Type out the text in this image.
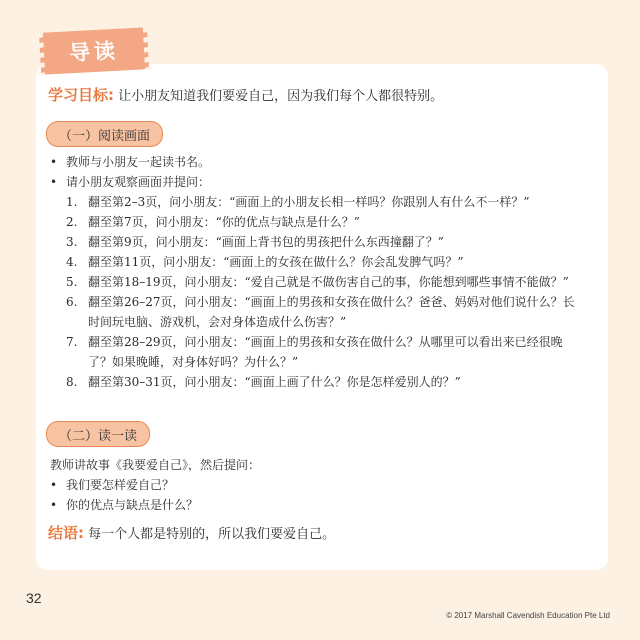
导读
学习目标: 让小朋友知道我们要爱自己，因为我们每个人都很特别。
（一）阅读画面
• 教师与小朋友一起读书名。
• 请小朋友观察画面并提问：
1. 翻至第2–3页，问小朋友：“画面上的小朋友长相一样吗？你跟别人有什么不一样？”
2. 翻至第7页，问小朋友：“你的优点与缺点是什么？”
3. 翻至第9页，问小朋友：“画面上背书包的男孩把什么东西撞翻了？”
4. 翻至第11页，问小朋友：“画面上的女孩在做什么？你会乱发脾气吗？”
5. 翻至第18–19页，问小朋友：“爱自己就是不做伤害自己的事，你能想到哪些事情不能做？”
6. 翻至第26–27页，问小朋友：“画面上的男孩和女孩在做什么？爸爸、妈妈对他们说什么？长时间玩电脑、游戏机，会对身体造成什么伤害？”
7. 翻至第28–29页，问小朋友：“画面上的男孩和女孩在做什么？从哪里可以看出来已经很晚了？如果晚睡，对身体好吗？为什么？”
8. 翻至第30–31页，问小朋友：“画面上画了什么？你是怎样爱别人的？”
（二）读一读
教师讲故事《我要爱自己》，然后提问：
• 我们要怎样爱自己？
• 你的优点与缺点是什么？
结语: 每一个人都是特别的，所以我们要爱自己。
32
© 2017 Marshall Cavendish Education Pte Ltd
